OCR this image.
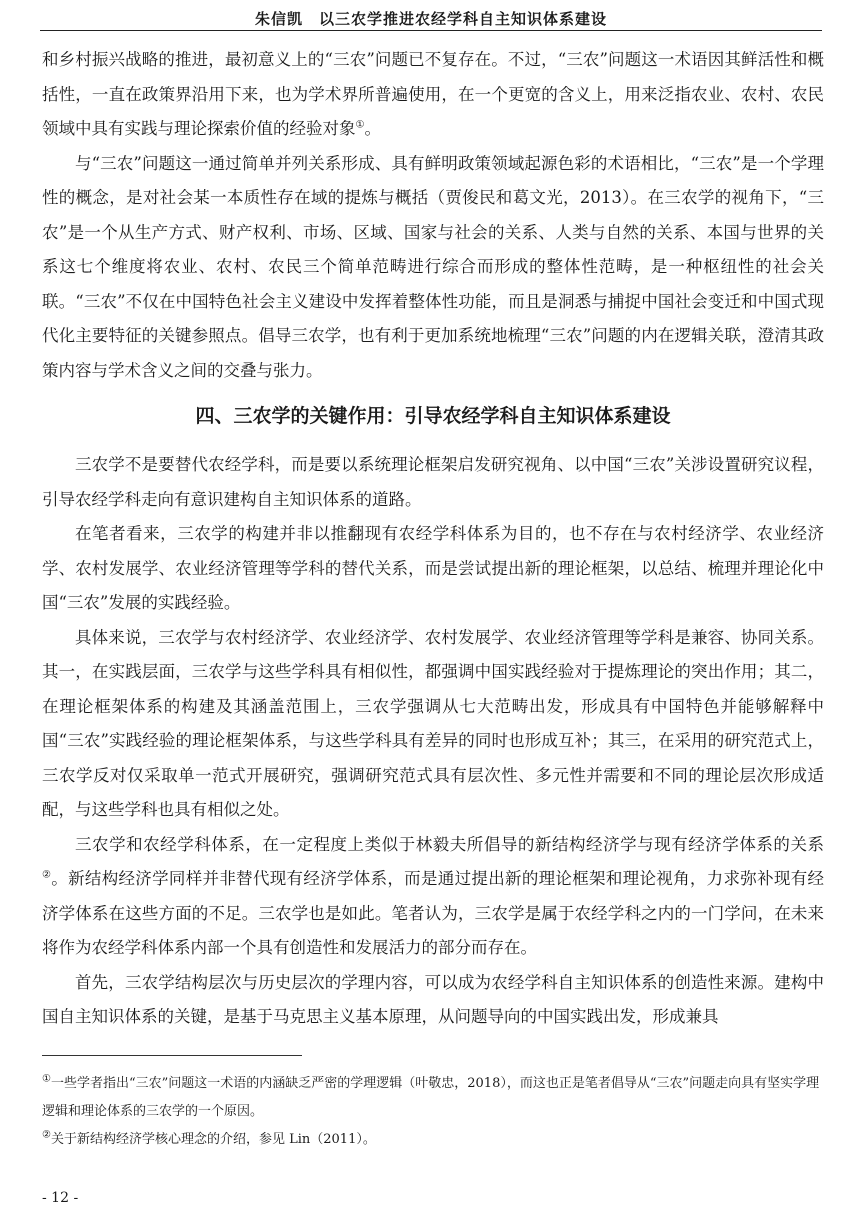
朱信凯　以三农学推进农经学科自主知识体系建设

和乡村振兴战略的推进，最初意义上的“三农”问题已不复存在。不过，“三农”问题这一术语因其鲜活性和概括性，一直在政策界沿用下来，也为学术界所普遍使用，在一个更宽的含义上，用来泛指农业、农村、农民领域中具有实践与理论探索价值的经验对象①。

与“三农”问题这一通过简单并列关系形成、具有鲜明政策领域起源色彩的术语相比，“三农”是一个学理性的概念，是对社会某一本质性存在域的提炼与概括（贾俊民和葛文光，2013）。在三农学的视角下，“三农”是一个从生产方式、财产权利、市场、区域、国家与社会的关系、人类与自然的关系、本国与世界的关系这七个维度将农业、农村、农民三个简单范畴进行综合而形成的整体性范畴，是一种枢纽性的社会关联。“三农”不仅在中国特色社会主义建设中发挥着整体性功能，而且是洞悉与捕捉中国社会变迁和中国式现代化主要特征的关键参照点。倡导三农学，也有利于更加系统地梳理“三农”问题的内在逻辑关联，澄清其政策内容与学术含义之间的交叠与张力。

四、三农学的关键作用：引导农经学科自主知识体系建设

三农学不是要替代农经学科，而是要以系统理论框架启发研究视角、以中国“三农”关涉设置研究议程，引导农经学科走向有意识建构自主知识体系的道路。

在笔者看来，三农学的构建并非以推翻现有农经学科体系为目的，也不存在与农村经济学、农业经济学、农村发展学、农业经济管理等学科的替代关系，而是尝试提出新的理论框架，以总结、梳理并理论化中国“三农”发展的实践经验。

具体来说，三农学与农村经济学、农业经济学、农村发展学、农业经济管理等学科是兼容、协同关系。其一，在实践层面，三农学与这些学科具有相似性，都强调中国实践经验对于提炼理论的突出作用；其二，在理论框架体系的构建及其涵盖范围上，三农学强调从七大范畴出发，形成具有中国特色并能够解释中国“三农”实践经验的理论框架体系，与这些学科具有差异的同时也形成互补；其三，在采用的研究范式上，三农学反对仅采取单一范式开展研究，强调研究范式具有层次性、多元性并需要和不同的理论层次形成适配，与这些学科也具有相似之处。

三农学和农经学科体系，在一定程度上类似于林毅夫所倡导的新结构经济学与现有经济学体系的关系②。新结构经济学同样并非替代现有经济学体系，而是通过提出新的理论框架和理论视角，力求弥补现有经济学体系在这些方面的不足。三农学也是如此。笔者认为，三农学是属于农经学科之内的一门学问，在未来将作为农经学科体系内部一个具有创造性和发展活力的部分而存在。

首先，三农学结构层次与历史层次的学理内容，可以成为农经学科自主知识体系的创造性来源。建构中国自主知识体系的关键，是基于马克思主义基本原理，从问题导向的中国实践出发，形成兼具

①一些学者指出“三农”问题这一术语的内涵缺乏严密的学理逻辑（叶敬忠，2018），而这也正是笔者倡导从“三农”问题走向具有坚实学理逻辑和理论体系的三农学的一个原因。

②关于新结构经济学核心理念的介绍，参见 Lin（2011）。

- 12 -
